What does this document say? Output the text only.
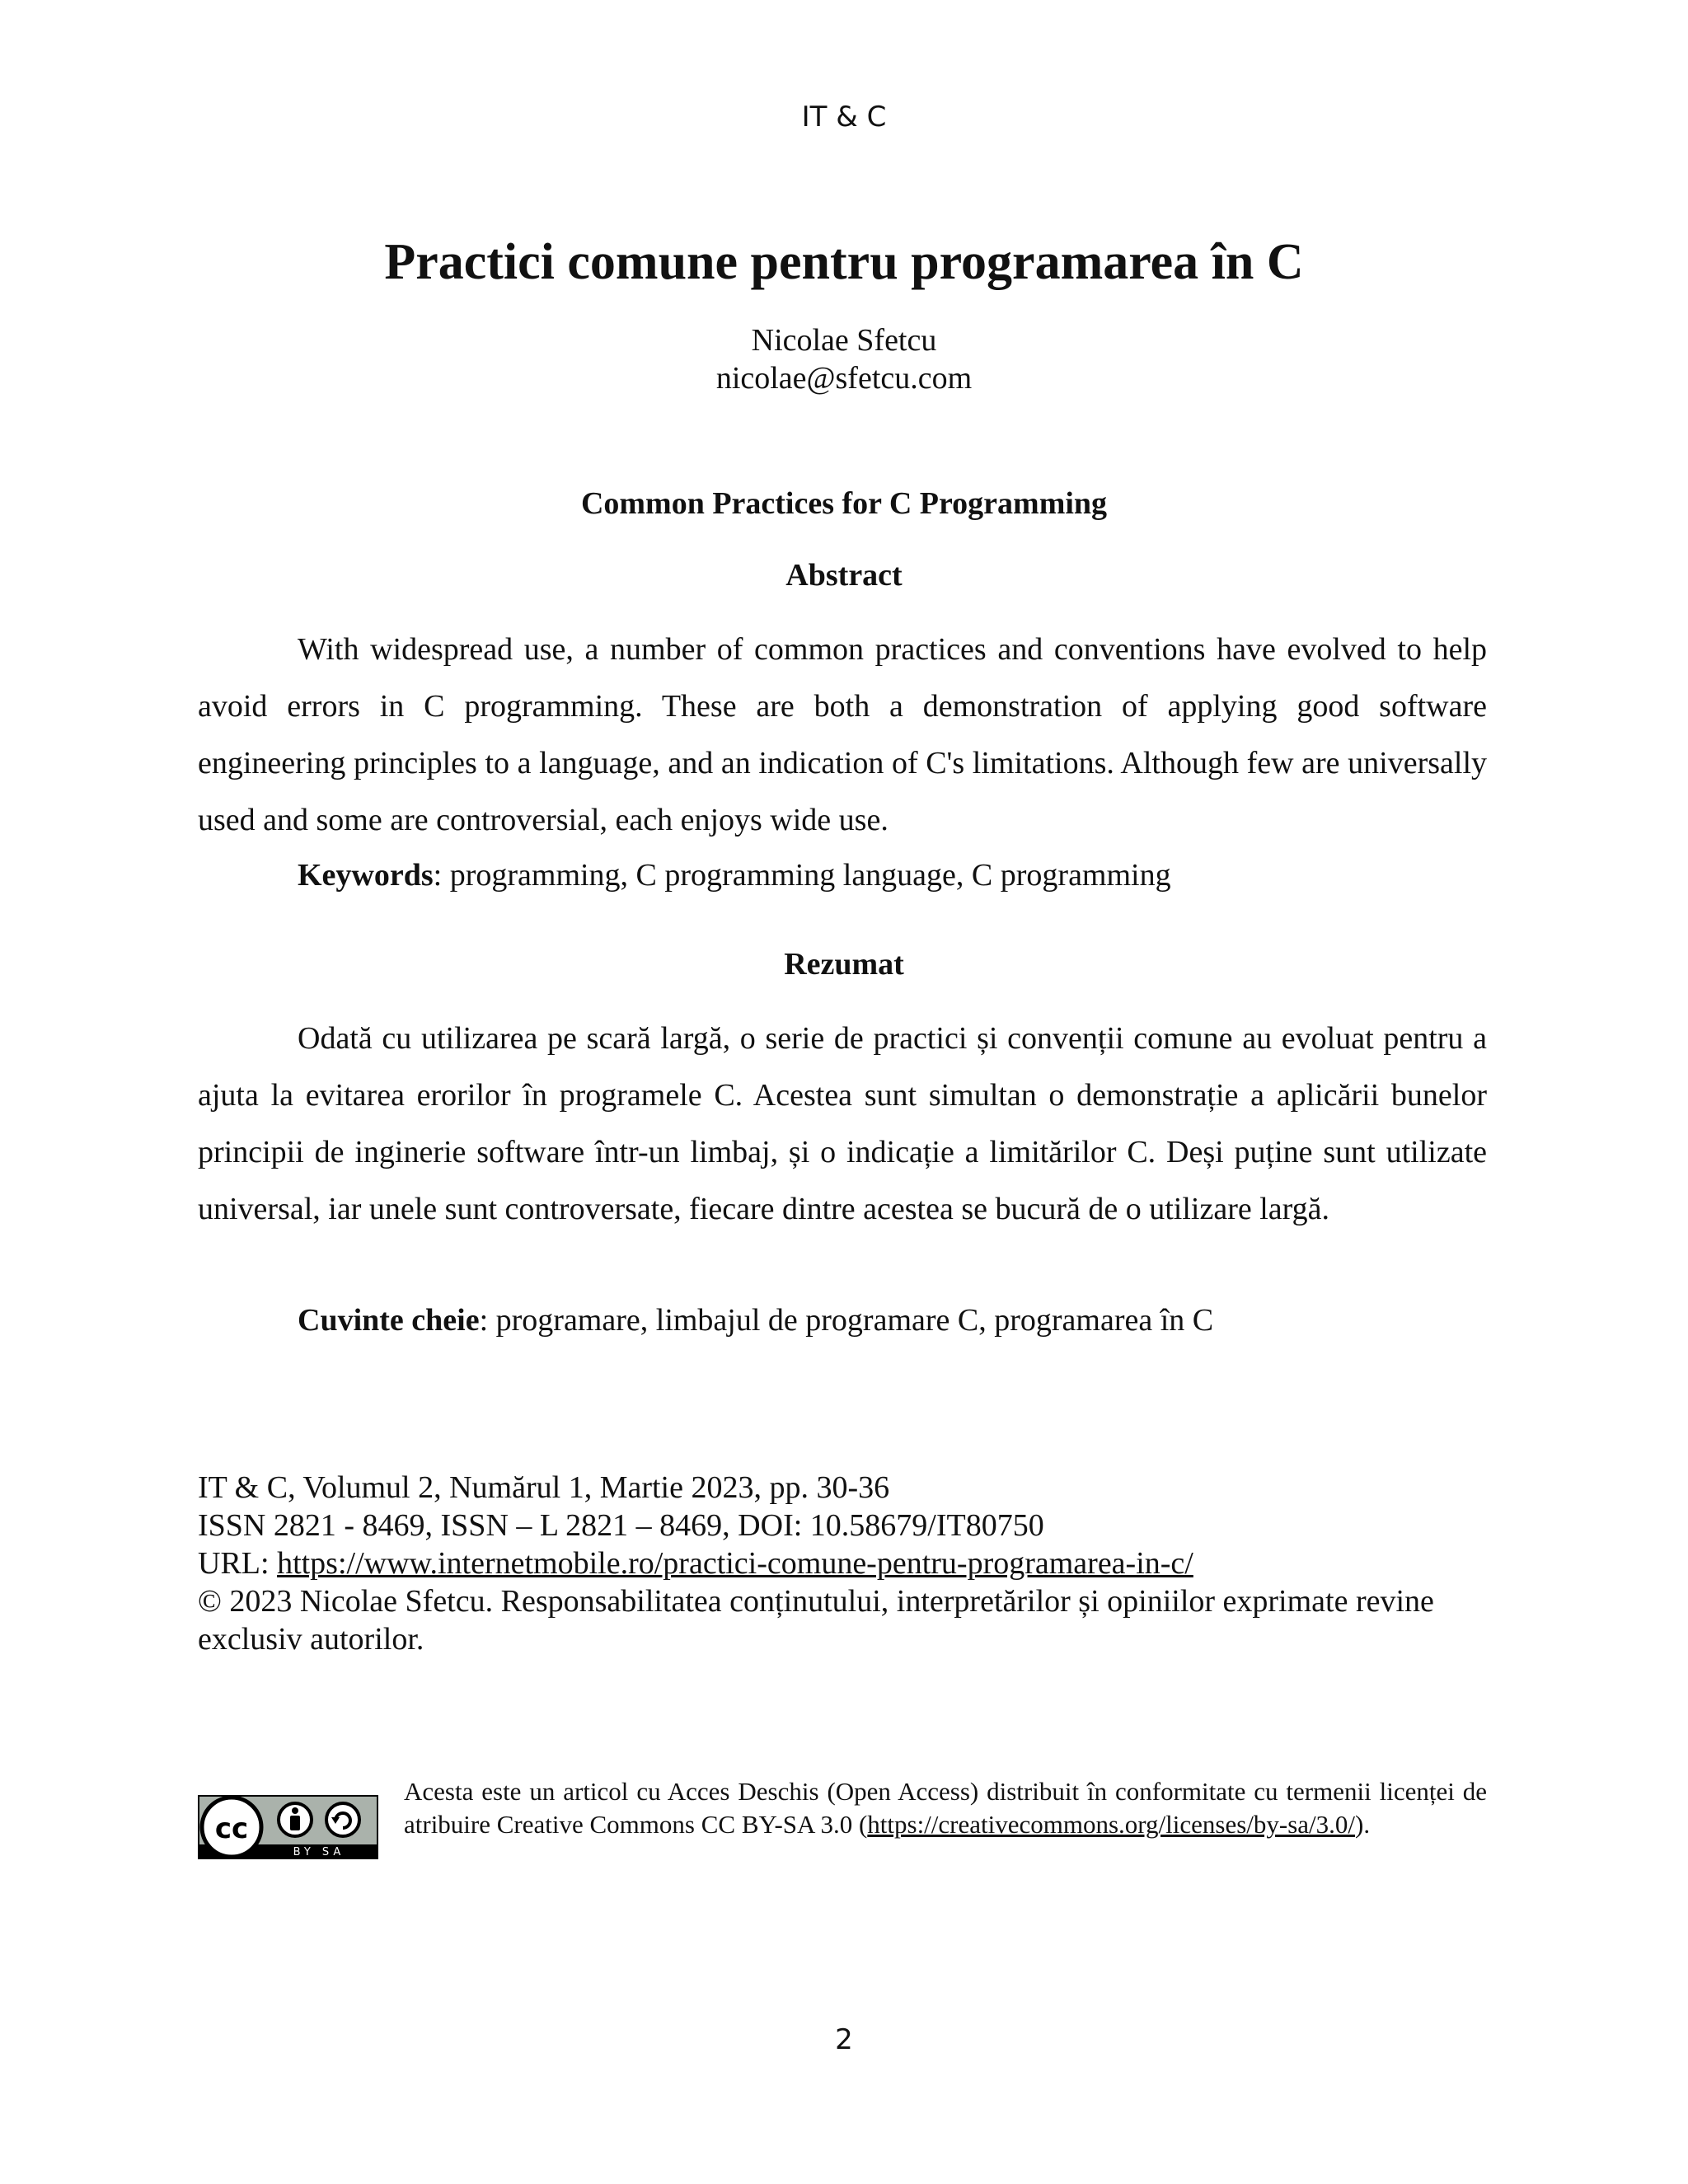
IT & C
Practici comune pentru programarea în C
Nicolae Sfetcu
nicolae@sfetcu.com
Common Practices for C Programming
Abstract

With widespread use, a number of common practices and conventions have evolved to help avoid errors in C programming. These are both a demonstration of applying good software engineering principles to a language, and an indication of C's limitations. Although few are universally used and some are controversial, each enjoys wide use.

Keywords: programming, C programming language, C programming
Rezumat

Odată cu utilizarea pe scară largă, o serie de practici și convenții comune au evoluat pentru a ajuta la evitarea erorilor în programele C. Acestea sunt simultan o demonstrație a aplicării bunelor principii de inginerie software într-un limbaj, și o indicație a limitărilor C. Deși puține sunt utilizate universal, iar unele sunt controversate, fiecare dintre acestea se bucură de o utilizare largă.

Cuvinte cheie: programare, limbajul de programare C, programarea în C
IT & C, Volumul 2, Numărul 1, Martie 2023, pp. 30-36
ISSN 2821 - 8469, ISSN – L 2821 – 8469, DOI: 10.58679/IT80750
URL: https://www.internetmobile.ro/practici-comune-pentru-programarea-in-c/
© 2023 Nicolae Sfetcu. Responsabilitatea conținutului, interpretărilor și opiniilor exprimate revine exclusiv autorilor.
cc
BY SA
Acesta este un articol cu Acces Deschis (Open Access) distribuit în conformitate cu termenii licenței de atribuire Creative Commons CC BY-SA 3.0 (https://creativecommons.org/licenses/by-sa/3.0/).
2
